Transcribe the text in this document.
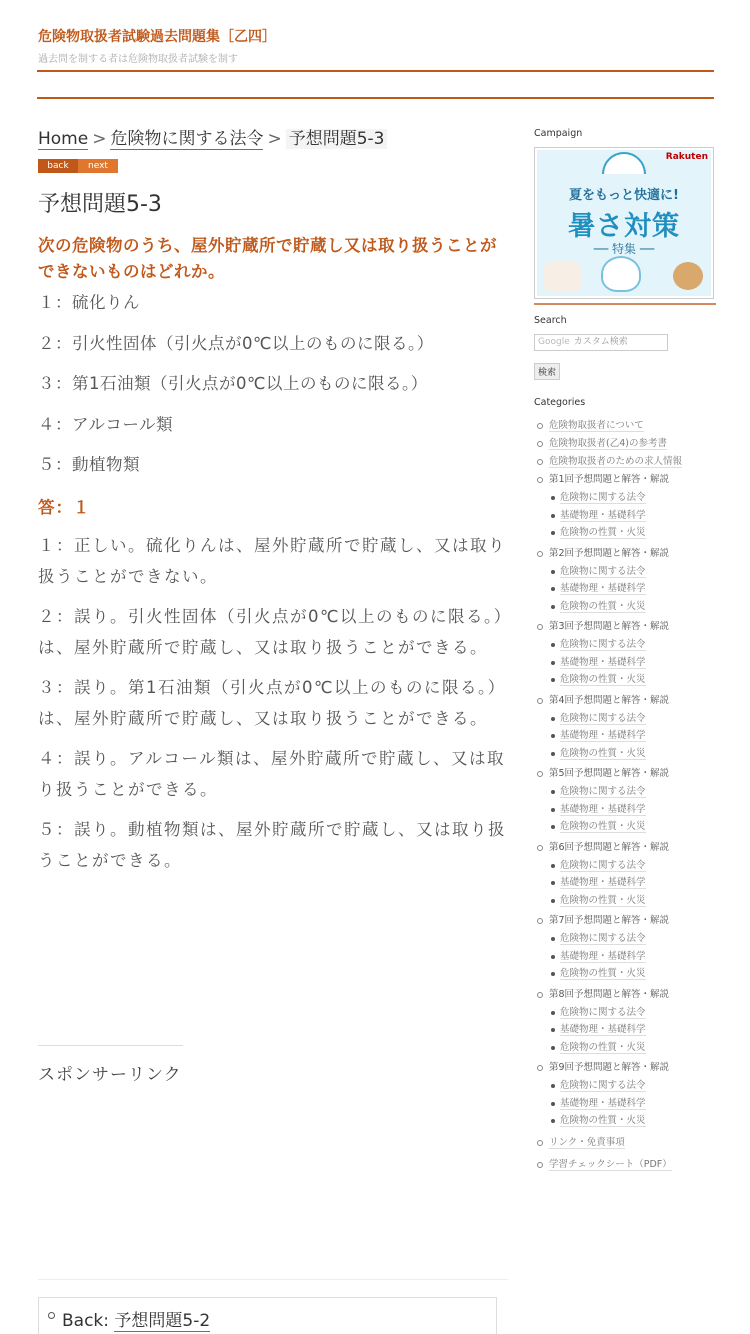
危険物取扱者試験過去問題集［乙四］
過去問を制する者は危険物取扱者試験を制す
Home > 危険物に関する法令 > 予想問題5-3
back	next
予想問題5-3
次の危険物のうち、屋外貯蔵所で貯蔵し又は取り扱うことができないものはどれか。
１：硫化りん
２：引火性固体（引火点が0℃以上のものに限る。）
３：第1石油類（引火点が0℃以上のものに限る。）
４：アルコール類
５：動植物類
答：１

１：正しい。硫化りんは、屋外貯蔵所で貯蔵し、又は取り扱うことができない。

２：誤り。引火性固体（引火点が0℃以上のものに限る。）は、屋外貯蔵所で貯蔵し、又は取り扱うことができる。

３：誤り。第1石油類（引火点が0℃以上のものに限る。）は、屋外貯蔵所で貯蔵し、又は取り扱うことができる。

４：誤り。アルコール類は、屋外貯蔵所で貯蔵し、又は取り扱うことができる。

５：誤り。動植物類は、屋外貯蔵所で貯蔵し、又は取り扱うことができる。

スポンサーリンク
Back: 予想問題5-2
Campaign
Rakuten
夏をもっと快適に!
暑さ対策
── 特集 ──
Search
Google カスタム検索
検索
Categories
危険物取扱者について
危険物取扱者(乙4)の参考書
危険物取扱者のための求人情報
第1回予想問題と解答・解説
危険物に関する法令
基礎物理・基礎科学
危険物の性質・火災
第2回予想問題と解答・解説
危険物に関する法令
基礎物理・基礎科学
危険物の性質・火災
第3回予想問題と解答・解説
危険物に関する法令
基礎物理・基礎科学
危険物の性質・火災
第4回予想問題と解答・解説
危険物に関する法令
基礎物理・基礎科学
危険物の性質・火災
第5回予想問題と解答・解説
危険物に関する法令
基礎物理・基礎科学
危険物の性質・火災
第6回予想問題と解答・解説
危険物に関する法令
基礎物理・基礎科学
危険物の性質・火災
第7回予想問題と解答・解説
危険物に関する法令
基礎物理・基礎科学
危険物の性質・火災
第8回予想問題と解答・解説
危険物に関する法令
基礎物理・基礎科学
危険物の性質・火災
第9回予想問題と解答・解説
危険物に関する法令
基礎物理・基礎科学
危険物の性質・火災
リンク・免責事項
学習チェックシート（PDF）
